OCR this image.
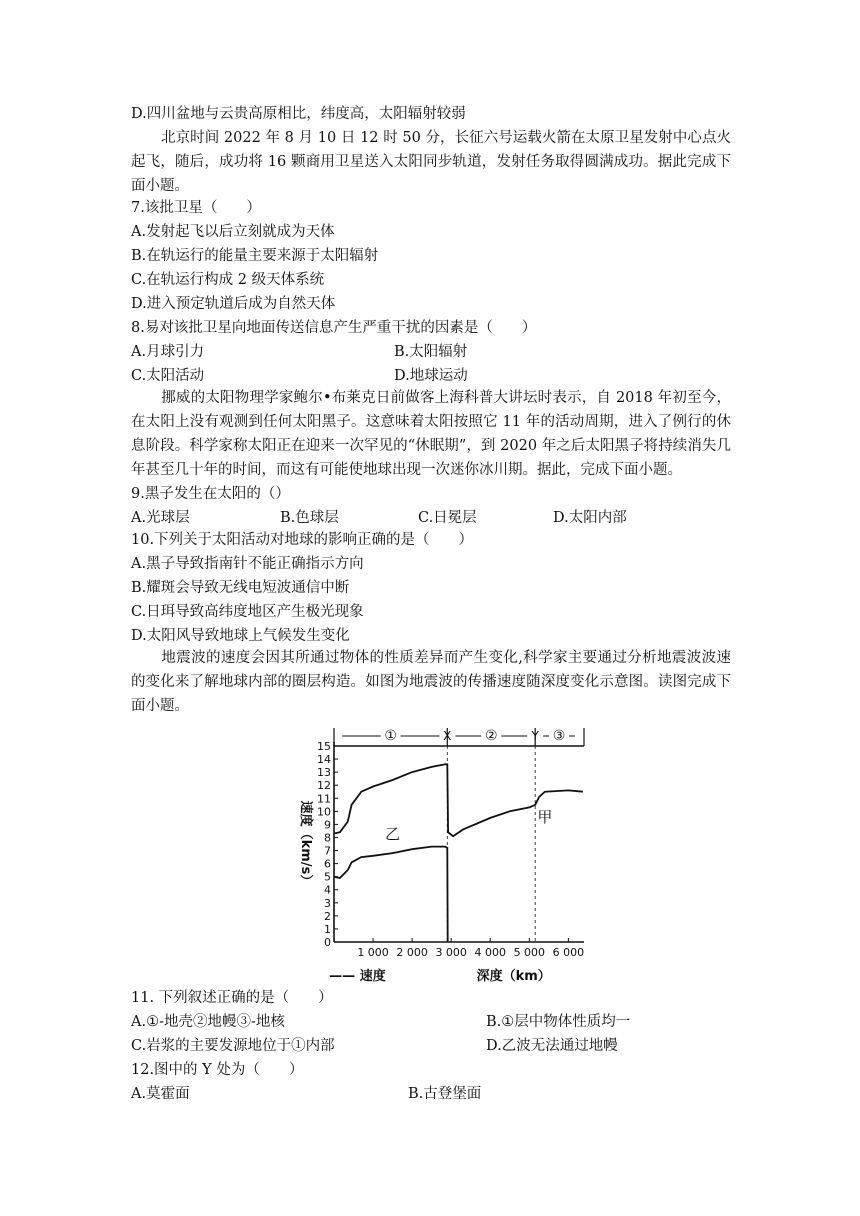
D.四川盆地与云贵高原相比，纬度高，太阳辐射较弱
北京时间 2022 年 8 月 10 日 12 时 50 分，长征六号运载火箭在太原卫星发射中心点火起飞，随后，成功将 16 颗商用卫星送入太阳同步轨道，发射任务取得圆满成功。据此完成下面小题。
7.该批卫星（　　）
A.发射起飞以后立刻就成为天体
B.在轨运行的能量主要来源于太阳辐射
C.在轨运行构成 2 级天体系统
D.进入预定轨道后成为自然天体
8.易对该批卫星向地面传送信息产生严重干扰的因素是（　　）
A.月球引力	B.太阳辐射
C.太阳活动	D.地球运动
挪威的太阳物理学家鲍尔•布莱克日前做客上海科普大讲坛时表示，自 2018 年初至今，在太阳上没有观测到任何太阳黑子。这意味着太阳按照它 11 年的活动周期，进入了例行的休息阶段。科学家称太阳正在迎来一次罕见的“休眠期”，到 2020 年之后太阳黑子将持续消失几年甚至几十年的时间，而这有可能使地球出现一次迷你冰川期。据此，完成下面小题。
9.黑子发生在太阳的（）
A.光球层	B.色球层	C.日冕层	D.太阳内部
10.下列关于太阳活动对地球的影响正确的是（　　）
A.黑子导致指南针不能正确指示方向
B.耀斑会导致无线电短波通信中断
C.日珥导致高纬度地区产生极光现象
D.太阳风导致地球上气候发生变化
地震波的速度会因其所通过物体的性质差异而产生变化,科学家主要通过分析地震波波速的变化来了解地球内部的圈层构造。如图为地震波的传播速度随深度变化示意图。读图完成下面小题。
0
1
2
3
4
5
6
7
8
9
10
11
12
13
14
15
1 000 2 000 3 000 4 000 5 000 6 000
①	X ②	Y ③
甲
乙
速度（km/s）
—— 速度	深度（km）
11. 下列叙述正确的是（　　）
A.①-地壳②地幔③-地核	B.①层中物体性质均一
C.岩浆的主要发源地位于①内部	D.乙波无法通过地幔
12.图中的 Y 处为（　　）
A.莫霍面	B.古登堡面
